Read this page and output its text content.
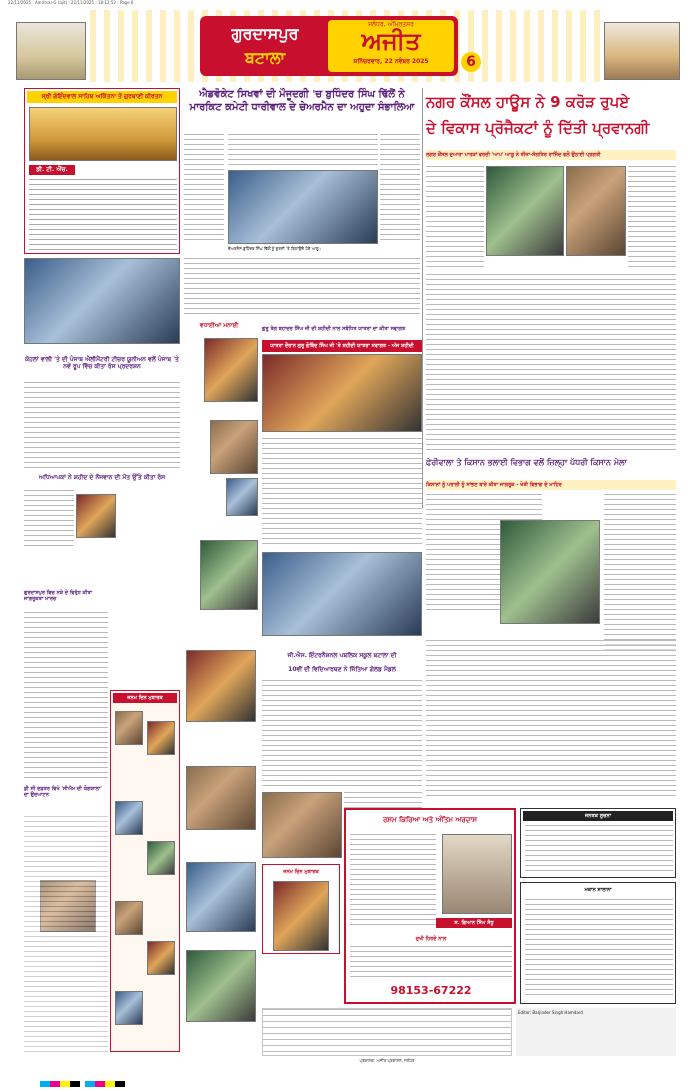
22/11/2025 : Amritsar-G (ajit) : 21/11/2025 : 18:12:52 : Page 6
ਗੁਰਦਾਸਪੁਰ
ਬਟਾਲਾ
ਜਲੰਧਰ, ਅੰਮ੍ਰਿਤਸਰ
ਅਜੀਤ
ਸ਼ਨਿੱਚਰਵਾਰ, 22 ਨਵੰਬਰ 2025	6
ਸ੍ਰੀ ਗੋਇੰਦਵਾਲ ਸਾਹਿਬ ਅਕਿੱਤਨਾ ਤੋਂ ਗੁਰਬਾਣੀ ਕੀਰਤਨ
ਡੀ. ਟੀ. ਐੱਚ.
ਐਡਵੋਕੇਟ ਸਿਖਵਾਂ ਦੀ ਮੌਜੂਦਗੀ 'ਚ ਬੁਧਿੰਦਰ ਸਿੰਘ ਢਿੱਲੋਂ ਨੇ ਮਾਰਕਿਟ ਕਮੇਟੀ ਧਾਰੀਵਾਲ ਦੇ ਚੇਅਰਮੈਨ ਦਾ ਅਹੁਦਾ ਸੰਭਾਲਿਆ ਨਗਰ ਕੌਂਸਲ ਹਾਊਸ ਨੇ 9 ਕਰੋੜ ਰੁਪਏ
ਦੇ ਵਿਕਾਸ ਪ੍ਰੋਜੈਕਟਾਂ ਨੂੰ ਦਿੱਤੀ ਪ੍ਰਵਾਨਗੀ
ਲਗਰ ਕੌਂਸਲ ਦੁਆਰਾ ਪਾਰਕਾਂ ਵਰਦੀ 'ਆਪ' ਆਗੂ ਨੇ ਤੀਜਾ-ਸੰਗਤਿਰ ਰਾਜਿੰਦ ਵਲੋਂ ਉਠਾਈ ਪ੍ਰਗਤੀ
ਚੇਅਰਮੈਨ ਬੁਧਿੰਦਰ ਸਿੰਘ ਢਿੱਲੋਂ ਨੂੰ ਕੁਰਸੀ 'ਤੇ ਬਿਠਾਉਂਦੇ ਹੋਏ ਆਗੂ।
ਕੋਹਲਾਂ ਵਾਲੀ 'ਤੇ ਦੀ ਪੰਜਾਬ ਐਲੀਮੈਂਟਰੀ ਟੀਚਰ ਯੂਨੀਅਨ ਵਲੋਂ ਪੰਜਾਬ 'ਤੇ ਨਵੇਂ ਰੂਪ ਵਿੱਚ ਕੀਤਾ ਰੋਸ ਪ੍ਰਦਰਸ਼ਨ
ਅਧਿਆਪਕਾਂ ਨੇ ਸ਼ਹੀਦ ਦੇ ਨੌਜਵਾਨ ਦੀ ਮੌਤ ਉੱਤੇ ਕੀਤਾ ਰੋਸ
ਗੁਰਦਾਸਪੁਰ ਵਿਚ ਨਸ਼ੇ ਦੇ ਵਿਰੁੱਧ ਕੀਤਾ ਜਾਗਰੂਕਤਾ ਮਾਰਚ
ਡੀ ਸੀ ਦਫ਼ਤਰ ਵਿਖੇ 'ਸੀਐਮ ਦੀ ਯੋਗਸ਼ਾਲਾ' ਦਾ ਉਦਘਾਟਨ
ਜਨਮ ਦਿਨ ਮੁਬਾਰਕ
ਵਧਾਈਆਂ ਮਨਾਈ	ਗੁਰੂ ਤੇਗ ਬਹਾਦਰ ਸਿੰਘ ਜੀ ਦੀ ਸ਼ਹੀਦੀ ਨਾਲ ਸਬੰਧਿਤ ਯਾਤਰਾ ਦਾ ਕੀਤਾ ਸਵਾਗਤ
ਯਾਤਰਾ ਦੌਰਾਨ ਗੁਰੂ ਗੋਬਿੰਦ ਸਿੰਘ ਜੀ 'ਤੇ ਸ਼ਹੀਦੀ ਯਾਤਰਾ ਸਵਾਗਤ - ਅੱਜ ਸ਼ਹੀਦੀ
ਜੀ.ਐਸ. ਇੰਟਰਨੈਸ਼ਨਲ ਪਬਲਿਕ ਸਕੂਲ ਬਟਾਲਾ ਦੀ
10ਵੀਂ ਦੀ ਵਿਦਿਆਰਥਣ ਨੇ ਜਿੱਤਿਆ ਗੋਲਡ ਮੈਡਲ
ਜਨਮ ਦਿਨ ਮੁਬਾਰਕ
ਫੇਰੀਵਾਲਾ ਤੇ ਕਿਸਾਨ ਭਲਾਈ ਵਿਭਾਗ ਵਲੋਂ ਜ਼ਿਲ੍ਹਾ ਪੱਧਰੀ ਕਿਸਾਨ ਮੇਲਾ
ਕਿਸਾਨਾਂ ਨੂੰ ਪਰਾਲੀ ਨੂੰ ਸਾਂਭਣ ਬਾਰੇ ਕੀਤਾ ਜਾਗਰੂਕ - ਖੇਤੀ ਵਿਭਾਗ ਦੇ ਮਾਹਿਰ
ਜਨਤਕ ਸੂਚਨਾ
ਰਸਮ ਕਿਰਿਆ ਅਤੇ ਅੰਤਿਮ ਅਰਦਾਸ
ਸ. ਗਿਆਨ ਸਿੰਘ ਸੰਧੂ
ਦੁਖੀ ਹਿਰਦੇ ਨਾਲ
98153-67222
ਮਕਾਨ ਸਾਲਾਨਾ
ਪ੍ਰਕਾਸ਼ਕ: ਅਜੀਤ ਪ੍ਰਕਾਸ਼ਨ, ਜਲੰਧਰ
Editor: Barjinder Singh Hamdard
